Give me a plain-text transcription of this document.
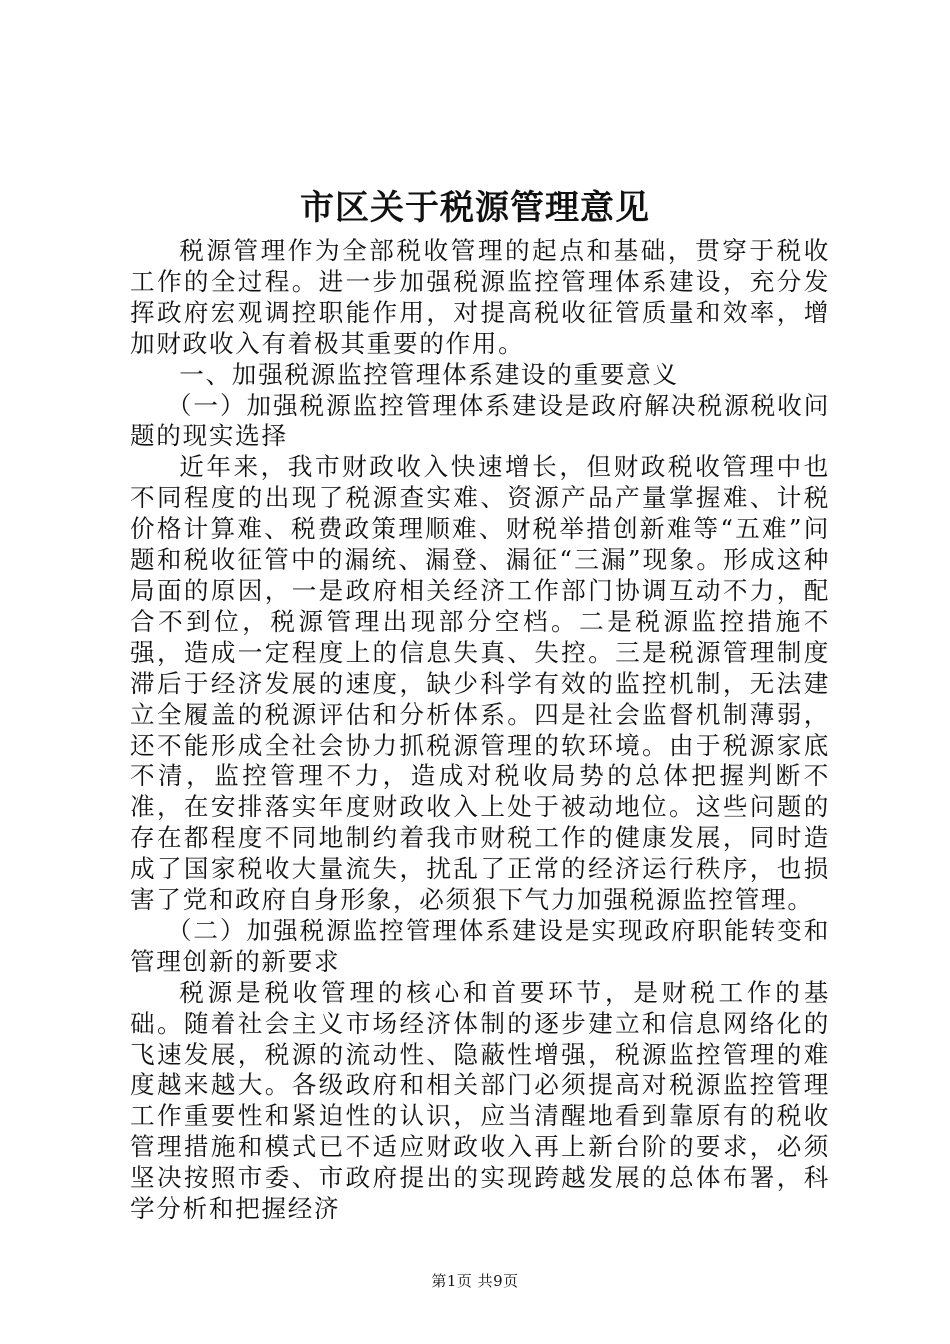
市区关于税源管理意见

税源管理作为全部税收管理的起点和基础，贯穿于税收工作的全过程。进一步加强税源监控管理体系建设，充分发挥政府宏观调控职能作用，对提高税收征管质量和效率，增加财政收入有着极其重要的作用。

一、加强税源监控管理体系建设的重要意义

（一）加强税源监控管理体系建设是政府解决税源税收问题的现实选择

近年来，我市财政收入快速增长，但财政税收管理中也不同程度的出现了税源查实难、资源产品产量掌握难、计税价格计算难、税费政策理顺难、财税举措创新难等“五难”问题和税收征管中的漏统、漏登、漏征“三漏”现象。形成这种局面的原因，一是政府相关经济工作部门协调互动不力，配合不到位，税源管理出现部分空档。二是税源监控措施不强，造成一定程度上的信息失真、失控。三是税源管理制度滞后于经济发展的速度，缺少科学有效的监控机制，无法建立全履盖的税源评估和分析体系。四是社会监督机制薄弱，还不能形成全社会协力抓税源管理的软环境。由于税源家底不清，监控管理不力，造成对税收局势的总体把握判断不准，在安排落实年度财政收入上处于被动地位。这些问题的存在都程度不同地制约着我市财税工作的健康发展，同时造成了国家税收大量流失，扰乱了正常的经济运行秩序，也损害了党和政府自身形象，必须狠下气力加强税源监控管理。

（二）加强税源监控管理体系建设是实现政府职能转变和管理创新的新要求

税源是税收管理的核心和首要环节，是财税工作的基础。随着社会主义市场经济体制的逐步建立和信息网络化的飞速发展，税源的流动性、隐蔽性增强，税源监控管理的难度越来越大。各级政府和相关部门必须提高对税源监控管理工作重要性和紧迫性的认识，应当清醒地看到靠原有的税收管理措施和模式已不适应财政收入再上新台阶的要求，必须坚决按照市委、市政府提出的实现跨越发展的总体布署，科学分析和把握经济

第1页 共9页
